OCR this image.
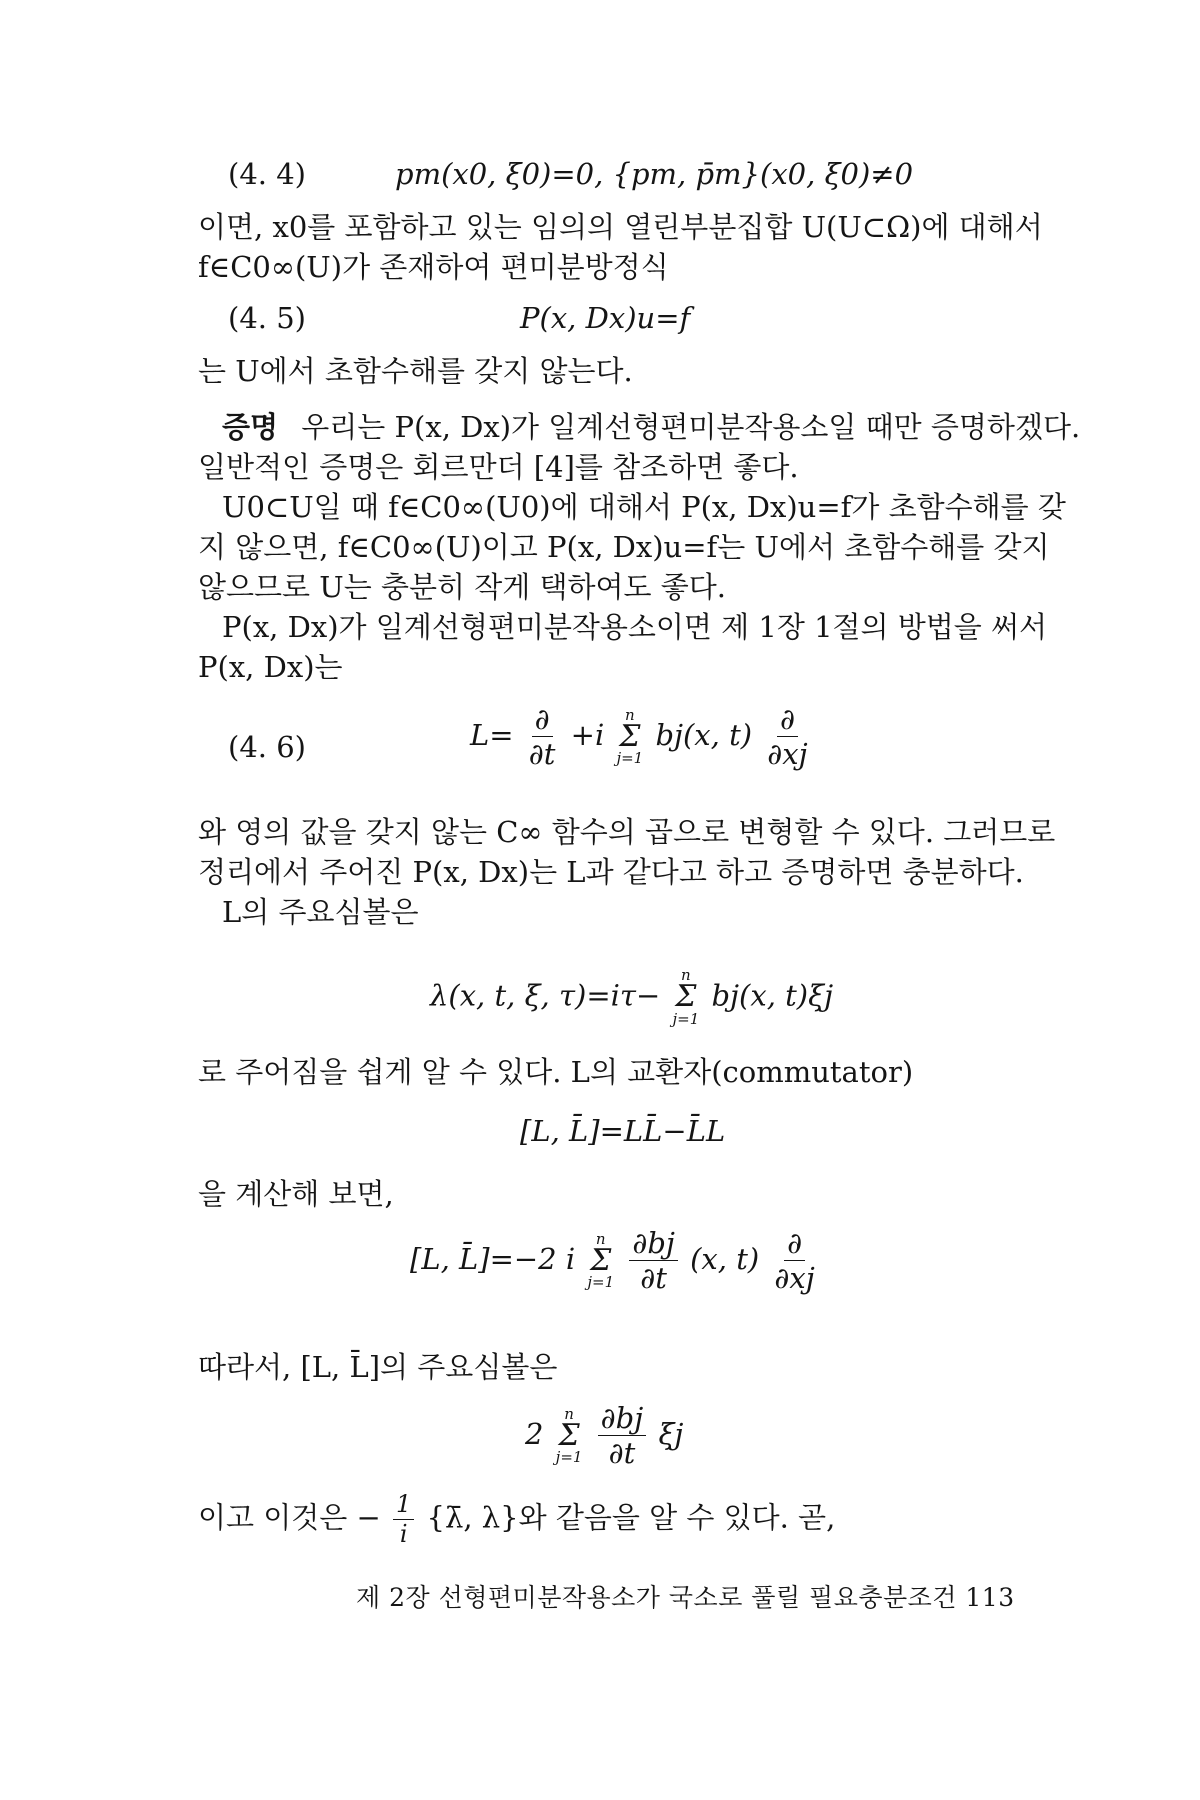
(4. 4)	pm(x0, ξ0)=0, {pm, p̄m}(x0, ξ0)≠0
이면, x0를 포함하고 있는 임의의 열린부분집합 U(U⊂Ω)에 대해서
f∈C0∞(U)가 존재하여 편미분방정식
(4. 5)	P(x, Dx)u=f
는 U에서 초함수해를 갖지 않는다.
증명 우리는 P(x, Dx)가 일계선형편미분작용소일 때만 증명하겠다.
일반적인 증명은 회르만더 [4]를 참조하면 좋다.
U0⊂U일 때 f∈C0∞(U0)에 대해서 P(x, Dx)u=f가 초함수해를 갖
지 않으면, f∈C0∞(U)이고 P(x, Dx)u=f는 U에서 초함수해를 갖지
않으므로 U는 충분히 작게 택하여도 좋다.
P(x, Dx)가 일계선형편미분작용소이면 제 1장 1절의 방법을 써서
P(x, Dx)는
(4. 6)	$L= \frac{\partial}{\partial t} +i$
n
Σ
j=1
bj(x, $t) \frac{\partial}{\partial xj}$
와 영의 값을 갖지 않는 C∞ 함수의 곱으로 변형할 수 있다. 그러므로
정리에서 주어진 P(x, Dx)는 L과 같다고 하고 증명하면 충분하다.
L의 주요심볼은
λ(x, t, ξ, τ)=iτ−
n
Σ
j=1
bj(x, t)ξj
로 주어짐을 쉽게 알 수 있다. L의 교환자(commutator)
[L, L̄]=LL̄−L̄L
을 계산해 보면,
[L, L̄]=−2 i
n
Σ
j=1
$\frac{\partial bj}{\partial t} (x$, $t) \frac{\partial}{\partial xj}$
따라서, [L, L̄]의 주요심볼은
2
n
Σ
j=1
$\frac{\partial bj}{\partial t}$ ξj
이고 이것은 − $\frac{1}{i}$ {λ̄, λ}와 같음을 알 수 있다. 곧,
제 2장 선형편미분작용소가 국소로 풀릴 필요충분조건 113
